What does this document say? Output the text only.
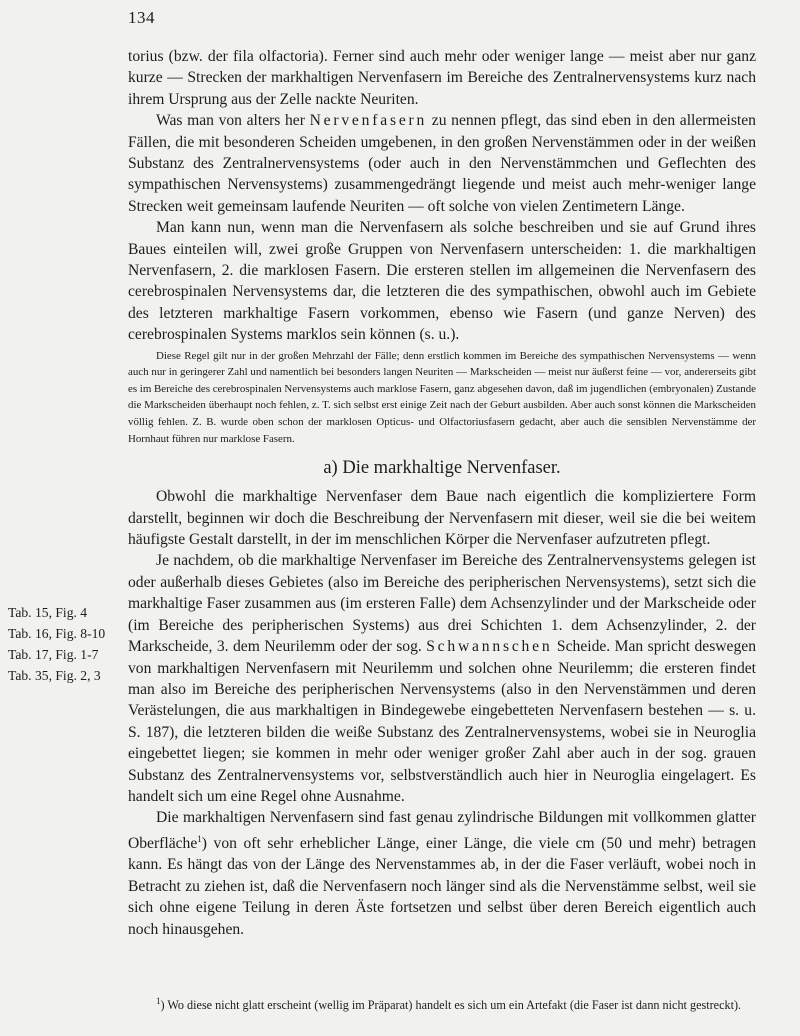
134

torius (bzw. der fila olfactoria). Ferner sind auch mehr oder weniger lange — meist aber nur ganz kurze — Strecken der markhaltigen Nervenfasern im Bereiche des Zentralnervensystems kurz nach ihrem Ursprung aus der Zelle nackte Neuriten.

Was man von alters her Nervenfasern zu nennen pflegt, das sind eben in den allermeisten Fällen, die mit besonderen Scheiden umgebenen, in den großen Nervenstämmen oder in der weißen Substanz des Zentralnervensystems (oder auch in den Nervenstämmchen und Geflechten des sympathischen Nervensystems) zusammengedrängt liegende und meist auch mehr-weniger lange Strecken weit gemeinsam laufende Neuriten — oft solche von vielen Zentimetern Länge.

Man kann nun, wenn man die Nervenfasern als solche beschreiben und sie auf Grund ihres Baues einteilen will, zwei große Gruppen von Nervenfasern unterscheiden: 1. die markhaltigen Nervenfasern, 2. die marklosen Fasern. Die ersteren stellen im allgemeinen die Nervenfasern des cerebrospinalen Nervensystems dar, die letzteren die des sympathischen, obwohl auch im Gebiete des letzteren markhaltige Fasern vorkommen, ebenso wie Fasern (und ganze Nerven) des cerebrospinalen Systems marklos sein können (s. u.).

Diese Regel gilt nur in der großen Mehrzahl der Fälle; denn erstlich kommen im Bereiche des sympathischen Nervensystems — wenn auch nur in geringerer Zahl und namentlich bei besonders langen Neuriten — Markscheiden — meist nur äußerst feine — vor, andererseits gibt es im Bereiche des cerebrospinalen Nervensystems auch marklose Fasern, ganz abgesehen davon, daß im jugendlichen (embryonalen) Zustande die Markscheiden überhaupt noch fehlen, z. T. sich selbst erst einige Zeit nach der Geburt ausbilden. Aber auch sonst können die Markscheiden völlig fehlen. Z. B. wurde oben schon der marklosen Opticus- und Olfactoriusfasern gedacht, aber auch die sensiblen Nervenstämme der Hornhaut führen nur marklose Fasern.

a) Die markhaltige Nervenfaser.

Obwohl die markhaltige Nervenfaser dem Baue nach eigentlich die kompliziertere Form darstellt, beginnen wir doch die Beschreibung der Nervenfasern mit dieser, weil sie die bei weitem häufigste Gestalt darstellt, in der im menschlichen Körper die Nervenfaser aufzutreten pflegt.

Je nachdem, ob die markhaltige Nervenfaser im Bereiche des Zentralnervensystems gelegen ist oder außerhalb dieses Gebietes (also im Bereiche des peripherischen Nervensystems), setzt sich die markhaltige Faser zusammen aus (im ersteren Falle) dem Achsenzylinder und der Markscheide oder (im Bereiche des peripherischen Systems) aus drei Schichten 1. dem Achsenzylinder, 2. der Markscheide, 3. dem Neurilemm oder der sog. Schwannschen Scheide. Man spricht deswegen von markhaltigen Nervenfasern mit Neurilemm und solchen ohne Neurilemm; die ersteren findet man also im Bereiche des peripherischen Nervensystems (also in den Nervenstämmen und deren Verästelungen, die aus markhaltigen in Bindegewebe eingebetteten Nervenfasern bestehen — s. u. S. 187), die letzteren bilden die weiße Substanz des Zentralnervensystems, wobei sie in Neuroglia eingebettet liegen; sie kommen in mehr oder weniger großer Zahl aber auch in der sog. grauen Substanz des Zentralnervensystems vor, selbstverständlich auch hier in Neuroglia eingelagert. Es handelt sich um eine Regel ohne Ausnahme.

Die markhaltigen Nervenfasern sind fast genau zylindrische Bildungen mit vollkommen glatter Oberfläche$^1$) von oft sehr erheblicher Länge, einer Länge, die viele cm (50 und mehr) betragen kann. Es hängt das von der Länge des Nervenstammes ab, in der die Faser verläuft, wobei noch in Betracht zu ziehen ist, daß die Nervenfasern noch länger sind als die Nervenstämme selbst, weil sie sich ohne eigene Teilung in deren Äste fortsetzen und selbst über deren Bereich eigentlich auch noch hinausgehen.

Tab. 15, Fig. 4
Tab. 16, Fig. 8-10
Tab. 17, Fig. 1-7
Tab. 35, Fig. 2, 3
$^1$) Wo diese nicht glatt erscheint (wellig im Präparat) handelt es sich um ein Artefakt (die Faser ist dann nicht gestreckt).
